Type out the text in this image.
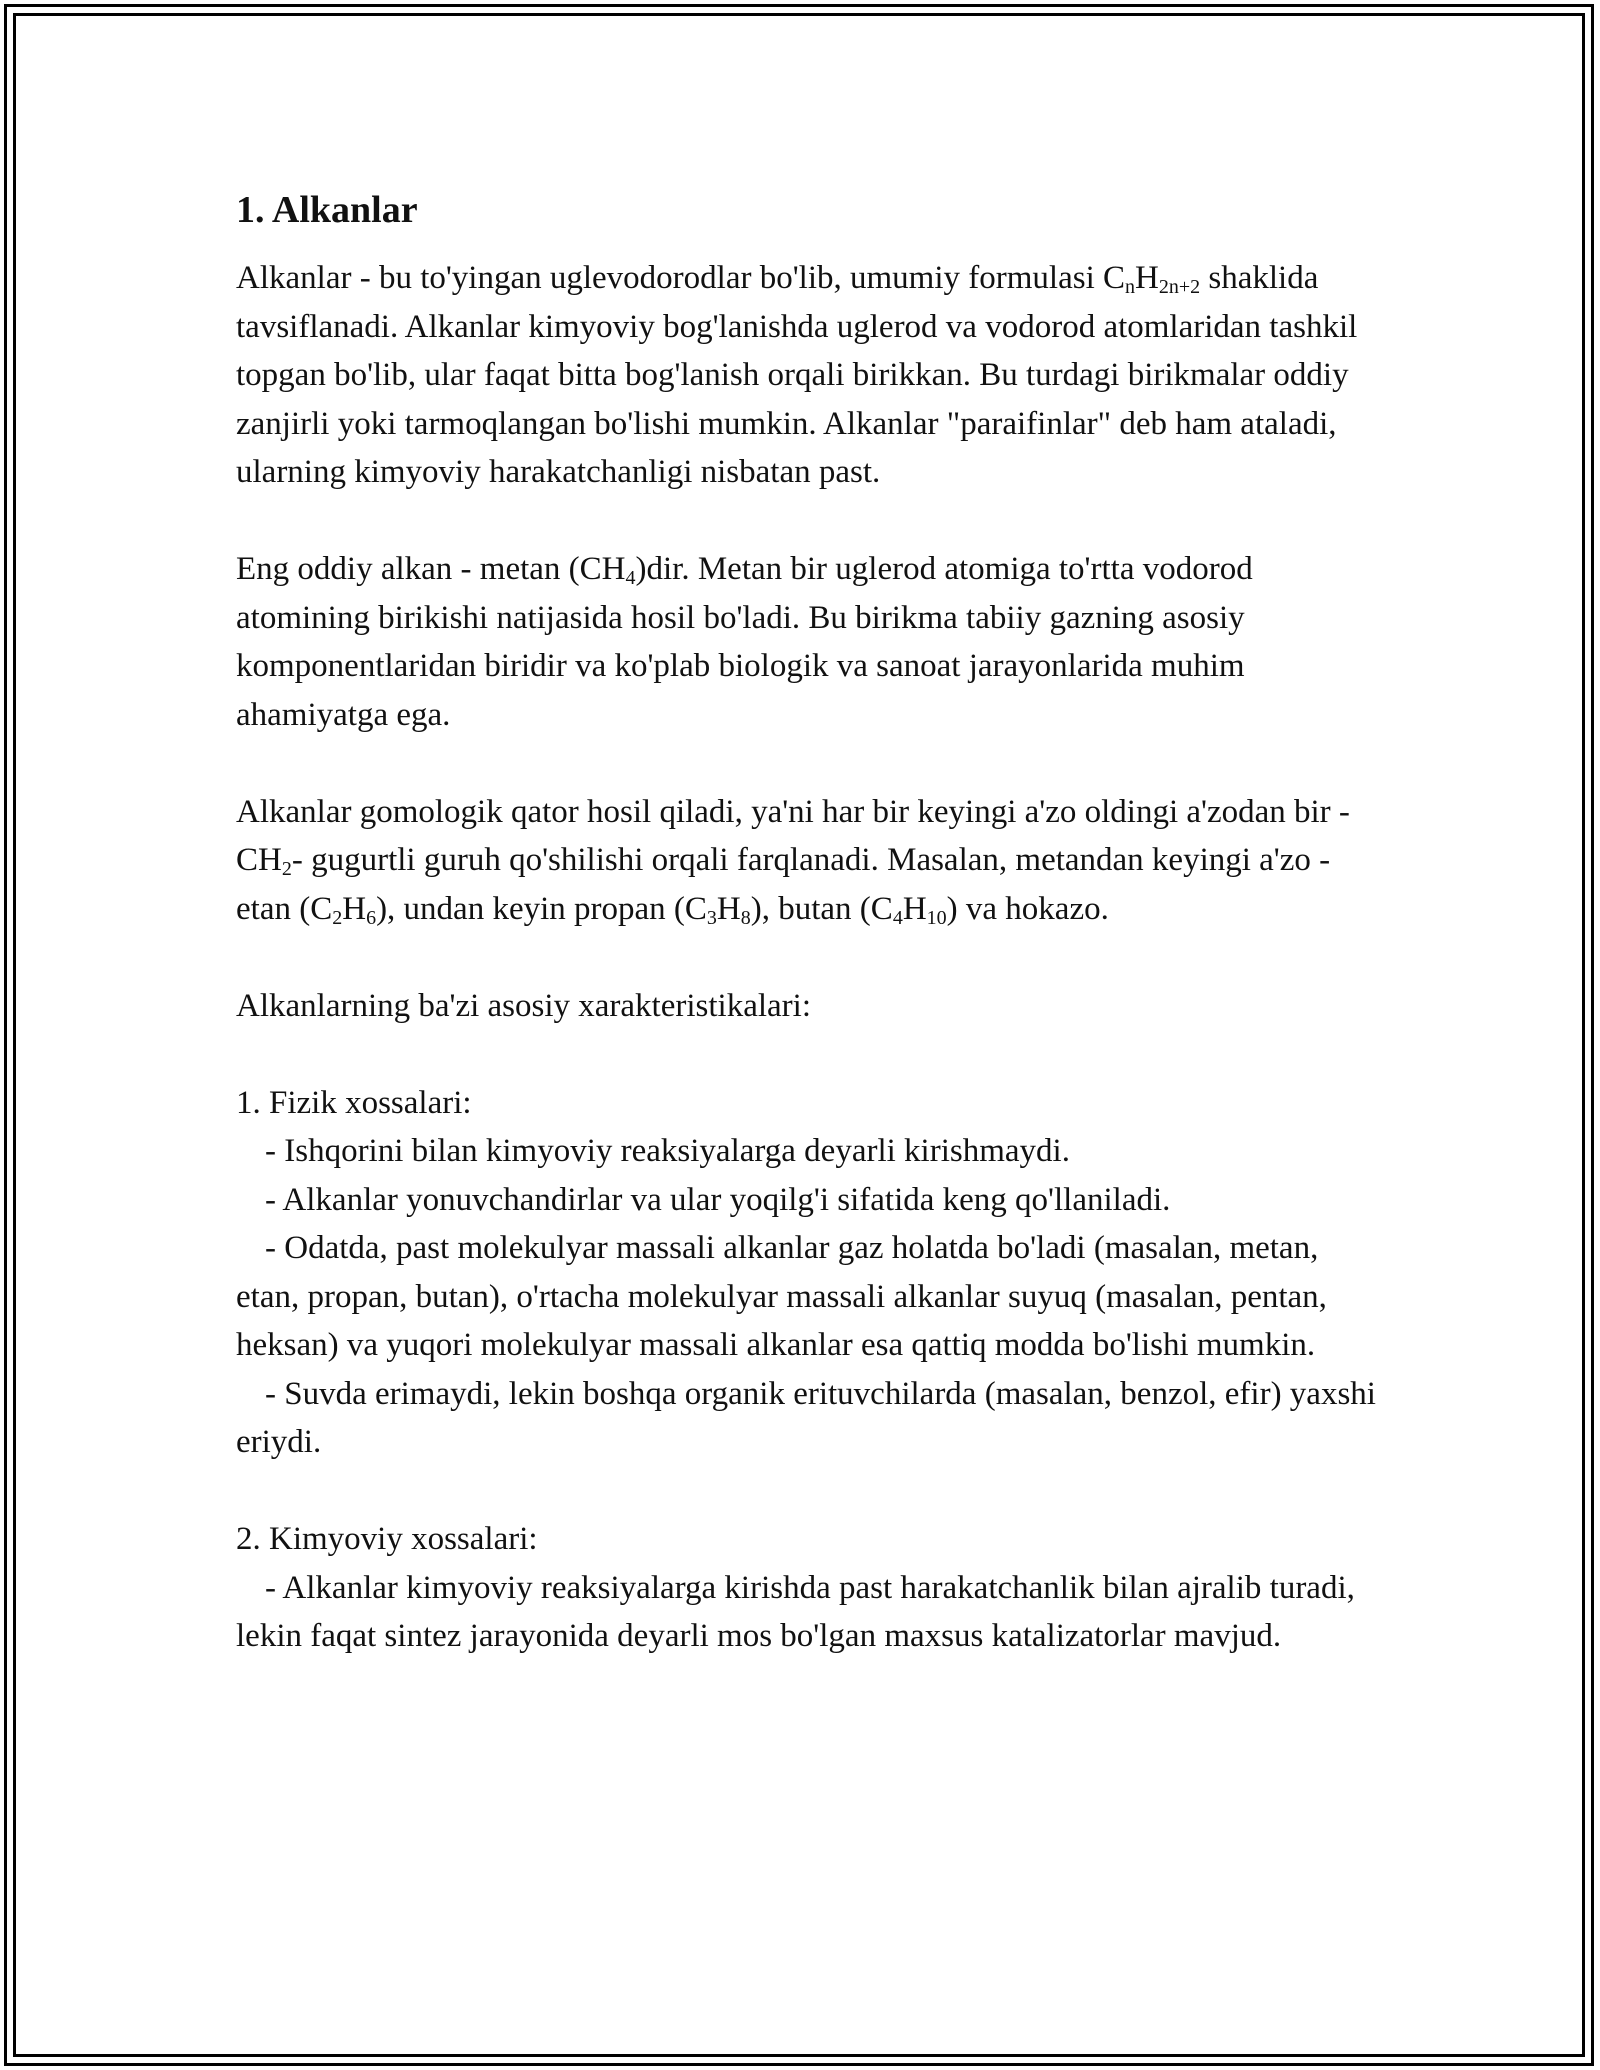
1. Alkanlar

Alkanlar - bu to'yingan uglevodorodlar bo'lib, umumiy formulasi $C_nH_{2n+2}$ shaklida tavsiflanadi. Alkanlar kimyoviy bog'lanishda uglerod va vodorod atomlaridan tashkil topgan bo'lib, ular faqat bitta bog'lanish orqali birikkan. Bu turdagi birikmalar oddiy zanjirli yoki tarmoqlangan bo'lishi mumkin. Alkanlar "paraifinlar" deb ham ataladi, ularning kimyoviy harakatchanligi nisbatan past.

Eng oddiy alkan - metan $(CH_4)dir$. Metan bir uglerod atomiga to'rtta vodorod atomining birikishi natijasida hosil bo'ladi. Bu birikma tabiiy gazning asosiy komponentlaridan biridir va ko'plab biologik va sanoat jarayonlarida muhim ahamiyatga ega.

Alkanlar gomologik qator hosil qiladi, ya'ni har bir keyingi a'zo oldingi a'zodan bir $-CH_2-$ gugurtli guruh qo'shilishi orqali farqlanadi. Masalan, metandan keyingi a'zo - etan $(C_2H_6)$, undan keyin propan $(C_3H_8)$, butan $(C_4H_{10})$ va hokazo.

Alkanlarning ba'zi asosiy xarakteristikalari:

1. Fizik xossalari:

- Ishqorini bilan kimyoviy reaksiyalarga deyarli kirishmaydi.

- Alkanlar yonuvchandirlar va ular yoqilg'i sifatida keng qo'llaniladi.

- Odatda, past molekulyar massali alkanlar gaz holatda bo'ladi (masalan, metan, etan, propan, butan), o'rtacha molekulyar massali alkanlar suyuq (masalan, pentan, heksan) va yuqori molekulyar massali alkanlar esa qattiq modda bo'lishi mumkin.

- Suvda erimaydi, lekin boshqa organik erituvchilarda (masalan, benzol, efir) yaxshi eriydi.

2. Kimyoviy xossalari:

- Alkanlar kimyoviy reaksiyalarga kirishda past harakatchanlik bilan ajralib turadi, lekin faqat sintez jarayonida deyarli mos bo'lgan maxsus katalizatorlar mavjud.
